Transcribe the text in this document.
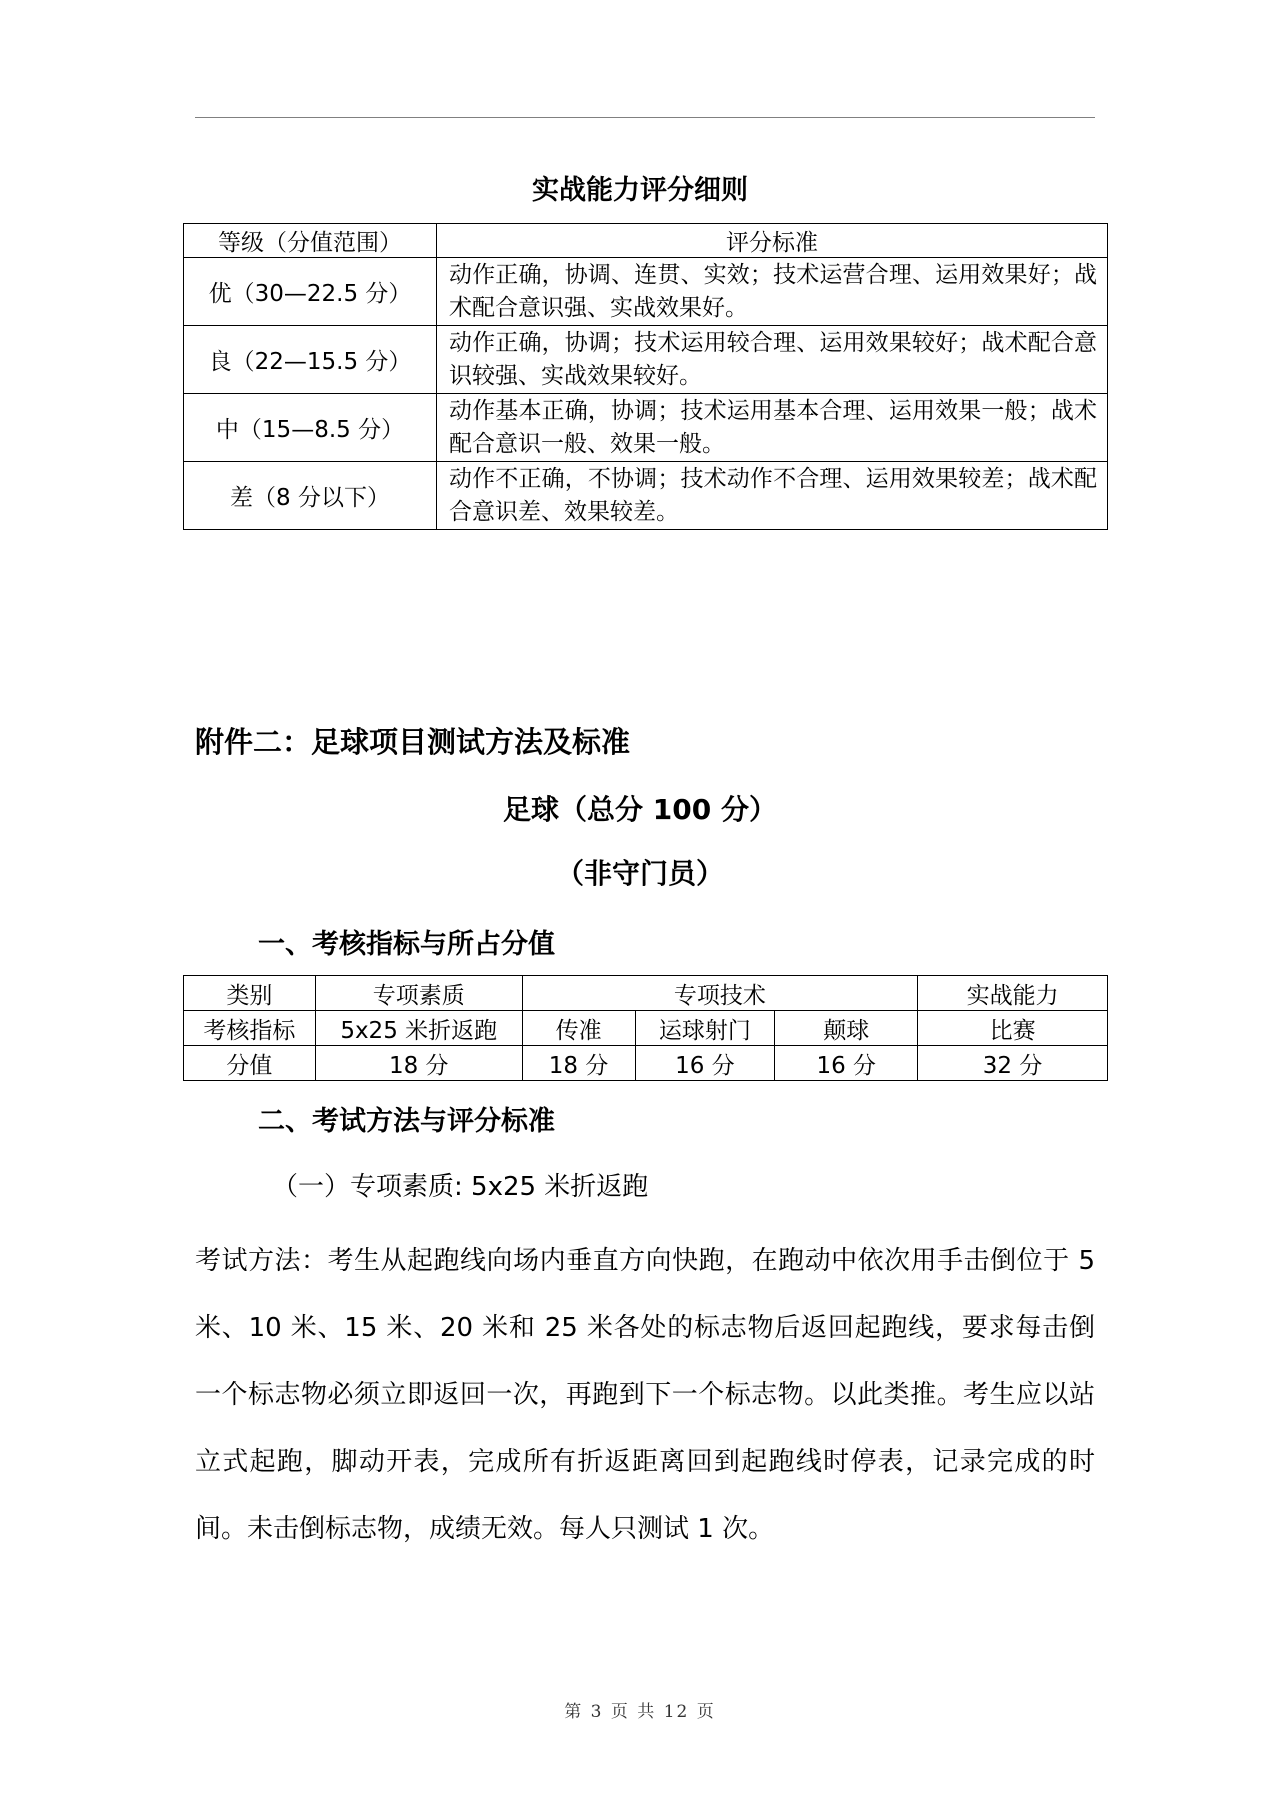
实战能力评分细则
等级（分值范围）	评分标准
优（30—22.5 分）	动作正确，协调、连贯、实效；技术运营合理、运用效果好；战术配合意识强、实战效果好。
良（22—15.5 分）	动作正确，协调；技术运用较合理、运用效果较好；战术配合意识较强、实战效果较好。
中（15—8.5 分）	动作基本正确，协调；技术运用基本合理、运用效果一般；战术配合意识一般、效果一般。
差（8 分以下）	动作不正确，不协调；技术动作不合理、运用效果较差；战术配合意识差、效果较差。
附件二：足球项目测试方法及标准
足球（总分 100 分）
（非守门员）
一、考核指标与所占分值
类别	专项素质	专项技术			实战能力
考核指标	5x25 米折返跑	传准	运球射门	颠球	比赛
分值	18 分	18 分	16 分	16 分	32 分
二、考试方法与评分标准
（一）专项素质: 5x25 米折返跑

考试方法：考生从起跑线向场内垂直方向快跑，在跑动中依次用手击倒位于 5 米、10 米、15 米、20 米和 25 米各处的标志物后返回起跑线，要求每击倒一个标志物必须立即返回一次，再跑到下一个标志物。以此类推。考生应以站立式起跑，脚动开表，完成所有折返距离回到起跑线时停表，记录完成的时间。未击倒标志物，成绩无效。每人只测试 1 次。

第 3 页 共 12 页
